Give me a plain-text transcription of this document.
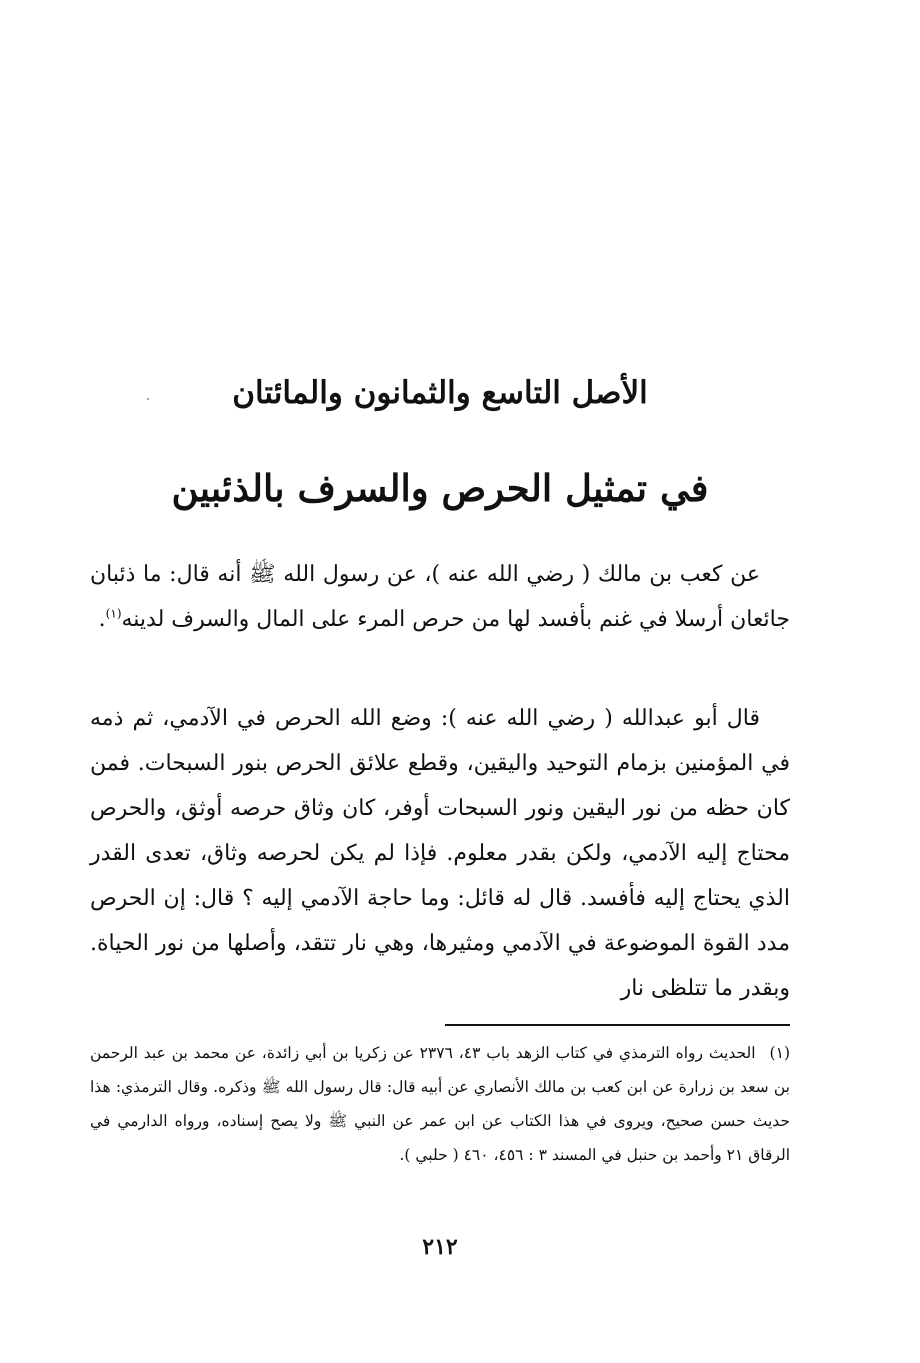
الأصل التاسع والثمانون والمائتان
في تمثيل الحرص والسرف بالذئبين

عن كعب بن مالك ( رضي الله عنه )، عن رسول الله ﷺ أنه قال: ما ذئبان جائعان أرسلا في غنم بأفسد لها من حرص المرء على المال والسرف لدينه$^{(١)}$.

قال أبو عبدالله ( رضي الله عنه ): وضع الله الحرص في الآدمي، ثم ذمه في المؤمنين بزمام التوحيد واليقين، وقطع علائق الحرص بنور السبحات. فمن كان حظه من نور اليقين ونور السبحات أوفر، كان وثاق حرصه أوثق، والحرص محتاج إليه الآدمي، ولكن بقدر معلوم. فإذا لم يكن لحرصه وثاق، تعدى القدر الذي يحتاج إليه فأفسد. قال له قائل: وما حاجة الآدمي إليه ؟ قال: إن الحرص مدد القوة الموضوعة في الآدمي ومثيرها، وهي نار تتقد، وأصلها من نور الحياة. وبقدر ما تتلظى نار

(١)الحديث رواه الترمذي في كتاب الزهد باب ٤٣، ٢٣٧٦ عن زكريا بن أبي زائدة، عن محمد بن عبد الرحمن بن سعد بن زرارة عن ابن كعب بن مالك الأنصاري عن أبيه قال: قال رسول الله ﷺ وذكره. وقال الترمذي: هذا حديث حسن صحيح، ويروى في هذا الكتاب عن ابن عمر عن النبي ﷺ ولا يصح إسناده، ورواه الدارمي في الرقاق ٢١ وأحمد بن حنبل في المسند ٣ : ٤٥٦، ٤٦٠ ( حلبي ).

٢١٢
